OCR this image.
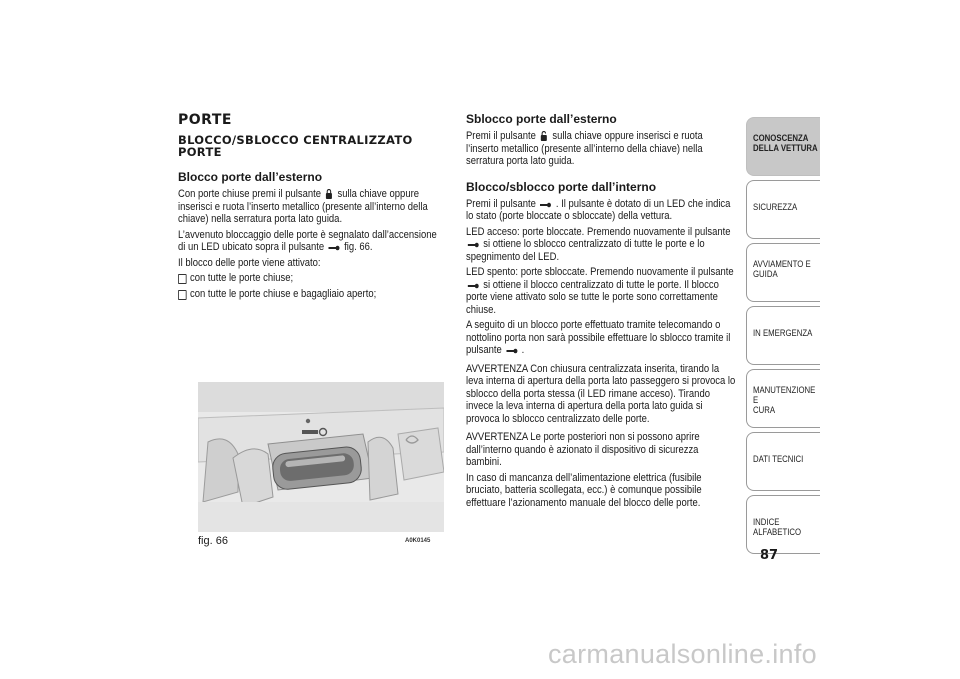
PORTE
BLOCCO/SBLOCCO CENTRALIZZATO
PORTE
Blocco porte dall’esterno

Con porte chiuse premi il pulsante sulla chiave oppure inserisci e ruota l’inserto metallico (presente all’interno della chiave) nella serratura porta lato guida.

L’avvenuto bloccaggio delle porte è segnalato dall’accensione di un LED ubicato sopra il pulsante fig. 66.

Il blocco delle porte viene attivato:

con tutte le porte chiuse;

con tutte le porte chiuse e bagagliaio aperto;

fig. 66	A0K0145
Sblocco porte dall’esterno

Premi il pulsante sulla chiave oppure inserisci e ruota l’inserto metallico (presente all’interno della chiave) nella serratura porta lato guida.

Blocco/sblocco porte dall’interno

Premi il pulsante . Il pulsante è dotato di un LED che indica lo stato (porte bloccate o sbloccate) della vettura.

LED acceso: porte bloccate. Premendo nuovamente il pulsante  si ottiene lo sblocco centralizzato di tutte le porte e lo spegnimento del LED.

LED spento: porte sbloccate. Premendo nuovamente il pulsante  si ottiene il blocco centralizzato di tutte le porte. Il blocco porte viene attivato solo se tutte le porte sono correttamente chiuse.

A seguito di un blocco porte effettuato tramite telecomando o nottolino porta non sarà possibile effettuare lo sblocco tramite il pulsante .

AVVERTENZA Con chiusura centralizzata inserita, tirando la leva interna di apertura della porta lato passeggero si provoca lo sblocco della porta stessa (il LED rimane acceso). Tirando invece la leva interna di apertura della porta lato guida si provoca lo sblocco centralizzato delle porte.

AVVERTENZA Le porte posteriori non si possono aprire dall’interno quando è azionato il dispositivo di sicurezza bambini.

In caso di mancanza dell’alimentazione elettrica (fusibile bruciato, batteria scollegata, ecc.) è comunque possibile effettuare l’azionamento manuale del blocco delle porte.

CONOSCENZA
DELLA VETTURA
SICUREZZA
AVVIAMENTO E
GUIDA
IN EMERGENZA
MANUTENZIONE E
CURA
DATI TECNICI
INDICE ALFABETICO
87
carmanualsonline.info
